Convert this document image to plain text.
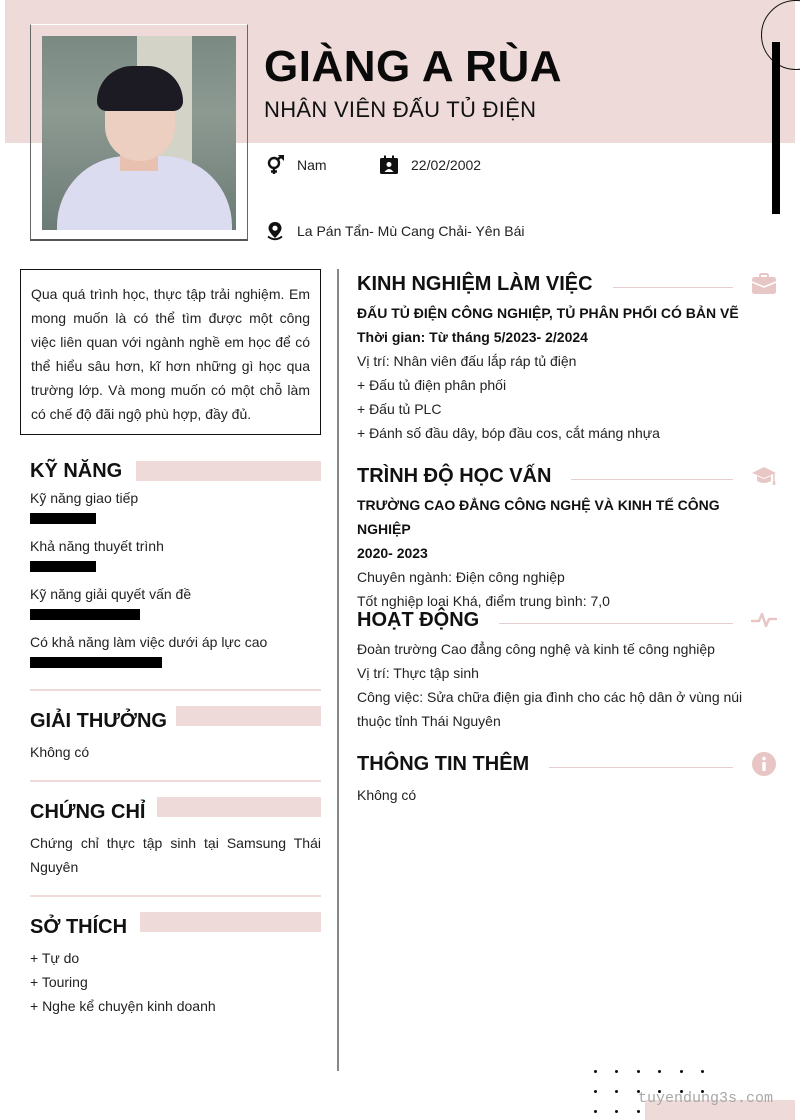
GIÀNG A RÙA
NHÂN VIÊN ĐẤU TỦ ĐIỆN
Nam	22/02/2002
La Pán Tẩn- Mù Cang Chải- Yên Bái
Qua quá trình học, thực tập trải nghiệm. Em mong muốn là có thể tìm được một công việc liên quan với ngành nghề em học để có thể hiểu sâu hơn, kĩ hơn những gì học qua trường lớp. Và mong muốn có một chỗ làm có chế độ đãi ngộ phù hợp, đầy đủ.
KỸ NĂNG
Kỹ năng giao tiếp
Khả năng thuyết trình
Kỹ năng giải quyết vấn đề
Có khả năng làm việc dưới áp lực cao
GIẢI THƯỞNG
Không có
CHỨNG CHỈ
Chứng chỉ thực tập sinh tại Samsung Thái Nguyên
SỞ THÍCH
+ Tự do
+ Touring
+ Nghe kể chuyện kinh doanh
KINH NGHIỆM LÀM VIỆC
ĐẤU TỦ ĐIỆN CÔNG NGHIỆP, TỦ PHÂN PHỐI CÓ BẢN VẼ
Thời gian: Từ tháng 5/2023- 2/2024
Vị trí: Nhân viên đấu lắp ráp tủ điện
+ Đấu tủ điện phân phối
+ Đấu tủ PLC
+ Đánh số đầu dây, bóp đầu cos, cắt máng nhựa
TRÌNH ĐỘ HỌC VẤN
TRƯỜNG CAO ĐẲNG CÔNG NGHỆ VÀ KINH TẾ CÔNG NGHIỆP
2020- 2023
Chuyên ngành: Điện công nghiệp
Tốt nghiệp loại Khá, điểm trung bình: 7,0
HOẠT ĐỘNG
Đoàn trường Cao đẳng công nghệ và kinh tế công nghiệp
Vị trí: Thực tập sinh
Công việc: Sửa chữa điện gia đình cho các hộ dân ở vùng núi thuộc tỉnh Thái Nguyên
THÔNG TIN THÊM
Không có
tuyendung3s.com
